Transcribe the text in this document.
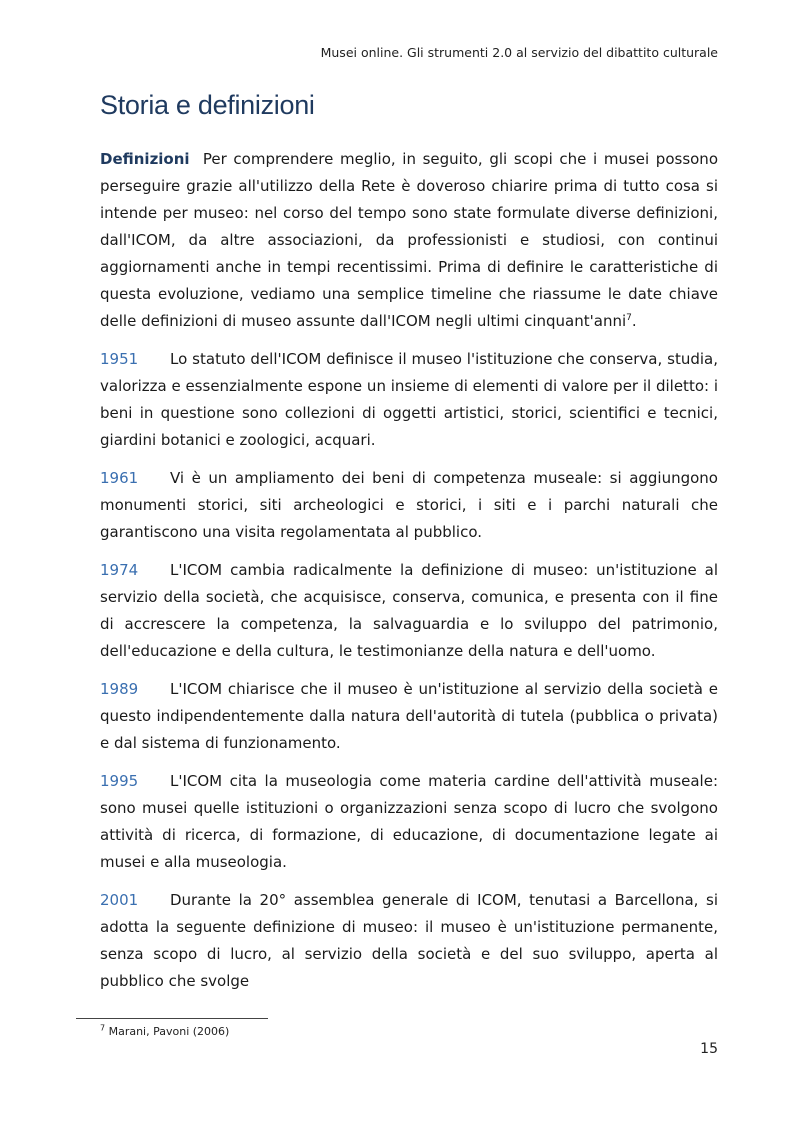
Musei online. Gli strumenti 2.0 al servizio del dibattito culturale
Storia e definizioni

Definizioni Per comprendere meglio, in seguito, gli scopi che i musei possono perseguire grazie all'utilizzo della Rete è doveroso chiarire prima di tutto cosa si intende per museo: nel corso del tempo sono state formulate diverse definizioni, dall'ICOM, da altre associazioni, da professionisti e studiosi, con continui aggiornamenti anche in tempi recentissimi. Prima di definire le caratteristiche di questa evoluzione, vediamo una semplice timeline che riassume le date chiave delle definizioni di museo assunte dall'ICOM negli ultimi cinquant'anni$^7$.

1951 Lo statuto dell'ICOM definisce il museo l'istituzione che conserva, studia, valorizza e essenzialmente espone un insieme di elementi di valore per il diletto: i beni in questione sono collezioni di oggetti artistici, storici, scientifici e tecnici, giardini botanici e zoologici, acquari.

1961 Vi è un ampliamento dei beni di competenza museale: si aggiungono monumenti storici, siti archeologici e storici, i siti e i parchi naturali che garantiscono una visita regolamentata al pubblico.

1974 L'ICOM cambia radicalmente la definizione di museo: un'istituzione al servizio della società, che acquisisce, conserva, comunica, e presenta con il fine di accrescere la competenza, la salvaguardia e lo sviluppo del patrimonio, dell'educazione e della cultura, le testimonianze della natura e dell'uomo.

1989 L'ICOM chiarisce che il museo è un'istituzione al servizio della società e questo indipendentemente dalla natura dell'autorità di tutela (pubblica o privata) e dal sistema di funzionamento.

1995 L'ICOM cita la museologia come materia cardine dell'attività museale: sono musei quelle istituzioni o organizzazioni senza scopo di lucro che svolgono attività di ricerca, di formazione, di educazione, di documentazione legate ai musei e alla museologia.

2001 Durante la 20° assemblea generale di ICOM, tenutasi a Barcellona, si adotta la seguente definizione di museo: il museo è un'istituzione permanente, senza scopo di lucro, al servizio della società e del suo sviluppo, aperta al pubblico che svolge

$^7$ Marani, Pavoni (2006)
15
